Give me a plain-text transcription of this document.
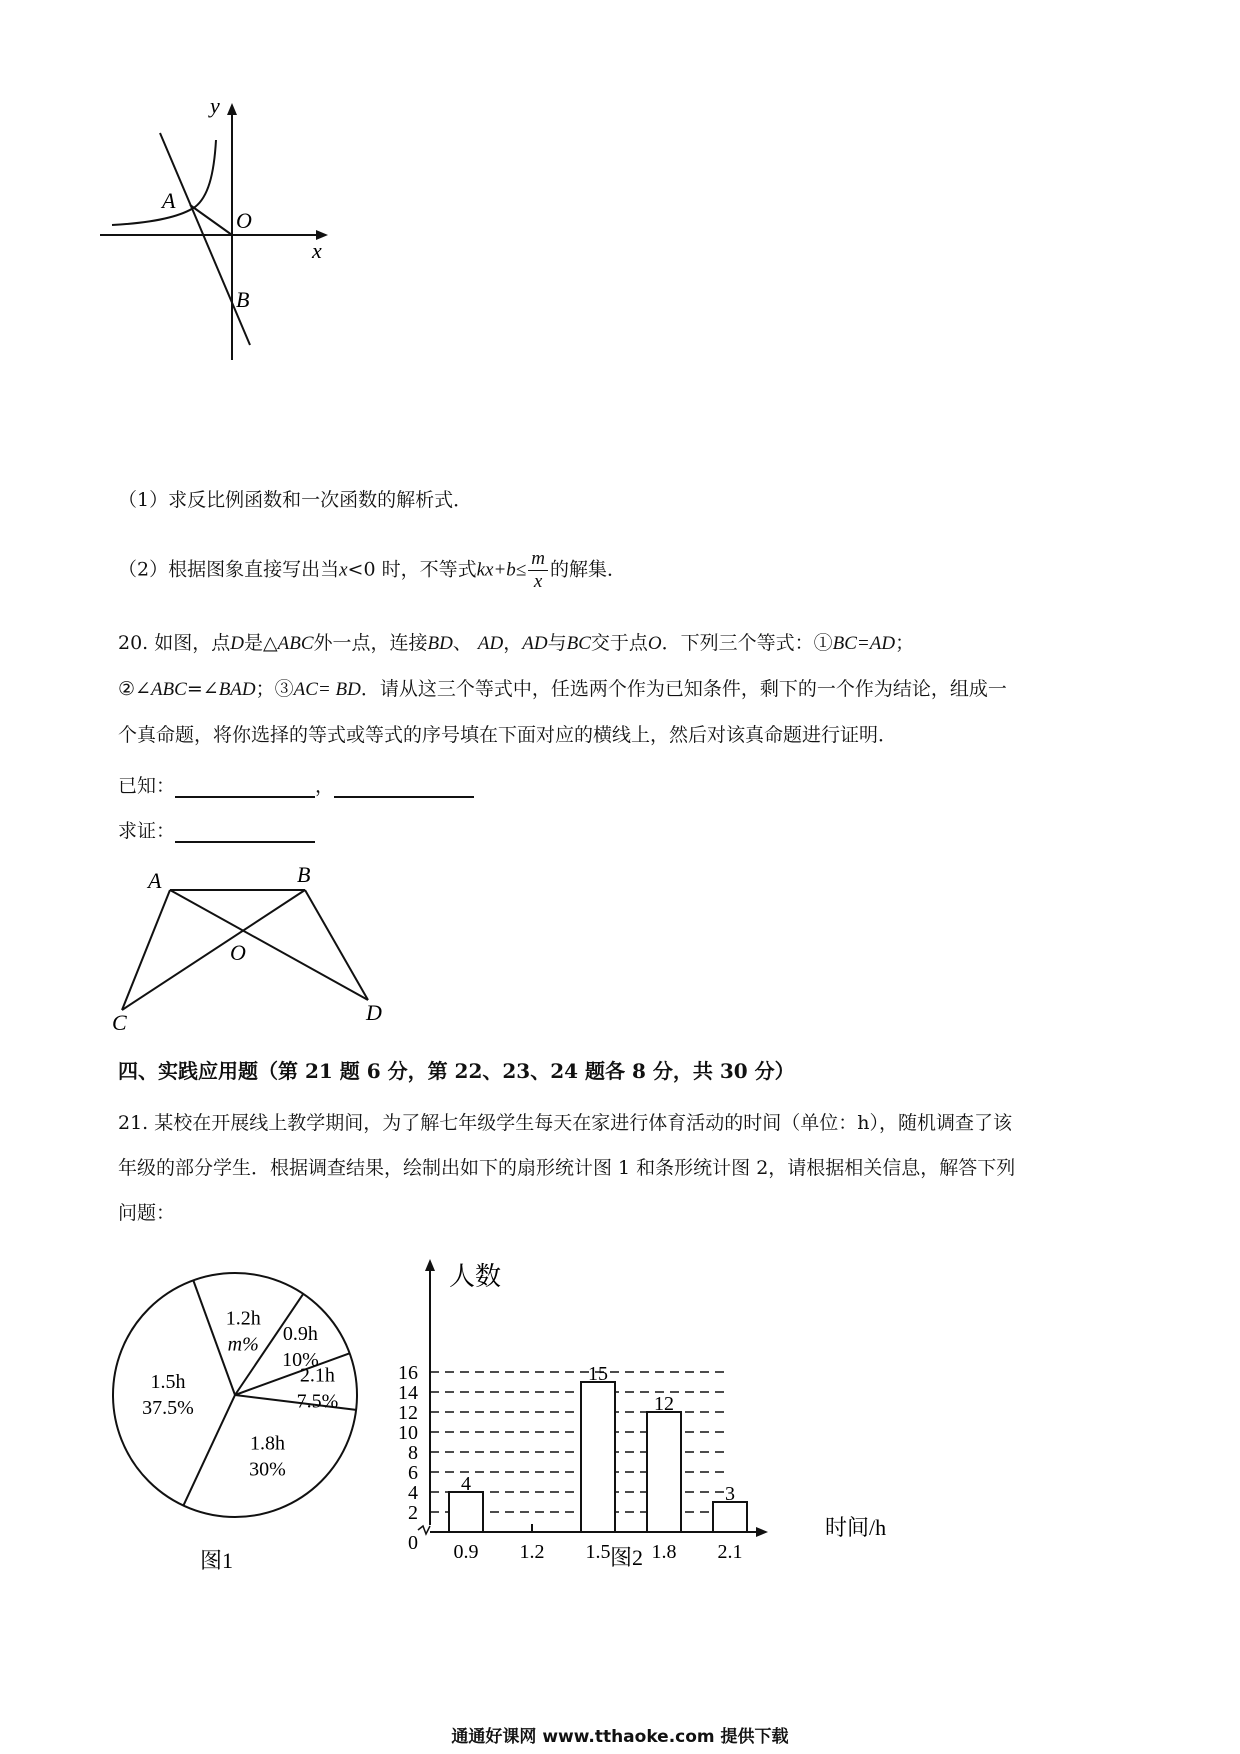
y
x
A
O
B
（1）求反比例函数和一次函数的解析式．
（2）根据图象直接写出当x<0 时，不等式$kx+b\le \frac{m}{x}$ 的解集．
20. 如图，点D是△ABC外一点，连接BD、 AD，AD与BC交于点O．下列三个等式：①BC=AD；
②∠ABC=∠BAD；③AC= BD．请从这三个等式中，任选两个作为已知条件，剩下的一个作为结论，组成一
个真命题，将你选择的等式或等式的序号填在下面对应的横线上，然后对该真命题进行证明．
已知：	，
求证：
A	B
O
C	D
四、实践应用题（第 21 题 6 分，第 22、23、24 题各 8 分，共 30 分）
21. 某校在开展线上教学期间，为了解七年级学生每天在家进行体育活动的时间（单位：h），随机调查了该
年级的部分学生．根据调查结果，绘制出如下的扇形统计图 1 和条形统计图 2，请根据相关信息，解答下列
问题：
1.2h
m% 0.9h
10%
2.1h
7.5%
1.8h
30%
1.5h
37.5%
图1
0
2
4
6
8
10
12
14
16
4
0.9 1.2
15
1.5
12
1.8
3
2.1
人数
时间/h
图2
通通好课网 www.tthaoke.com 提供下载
